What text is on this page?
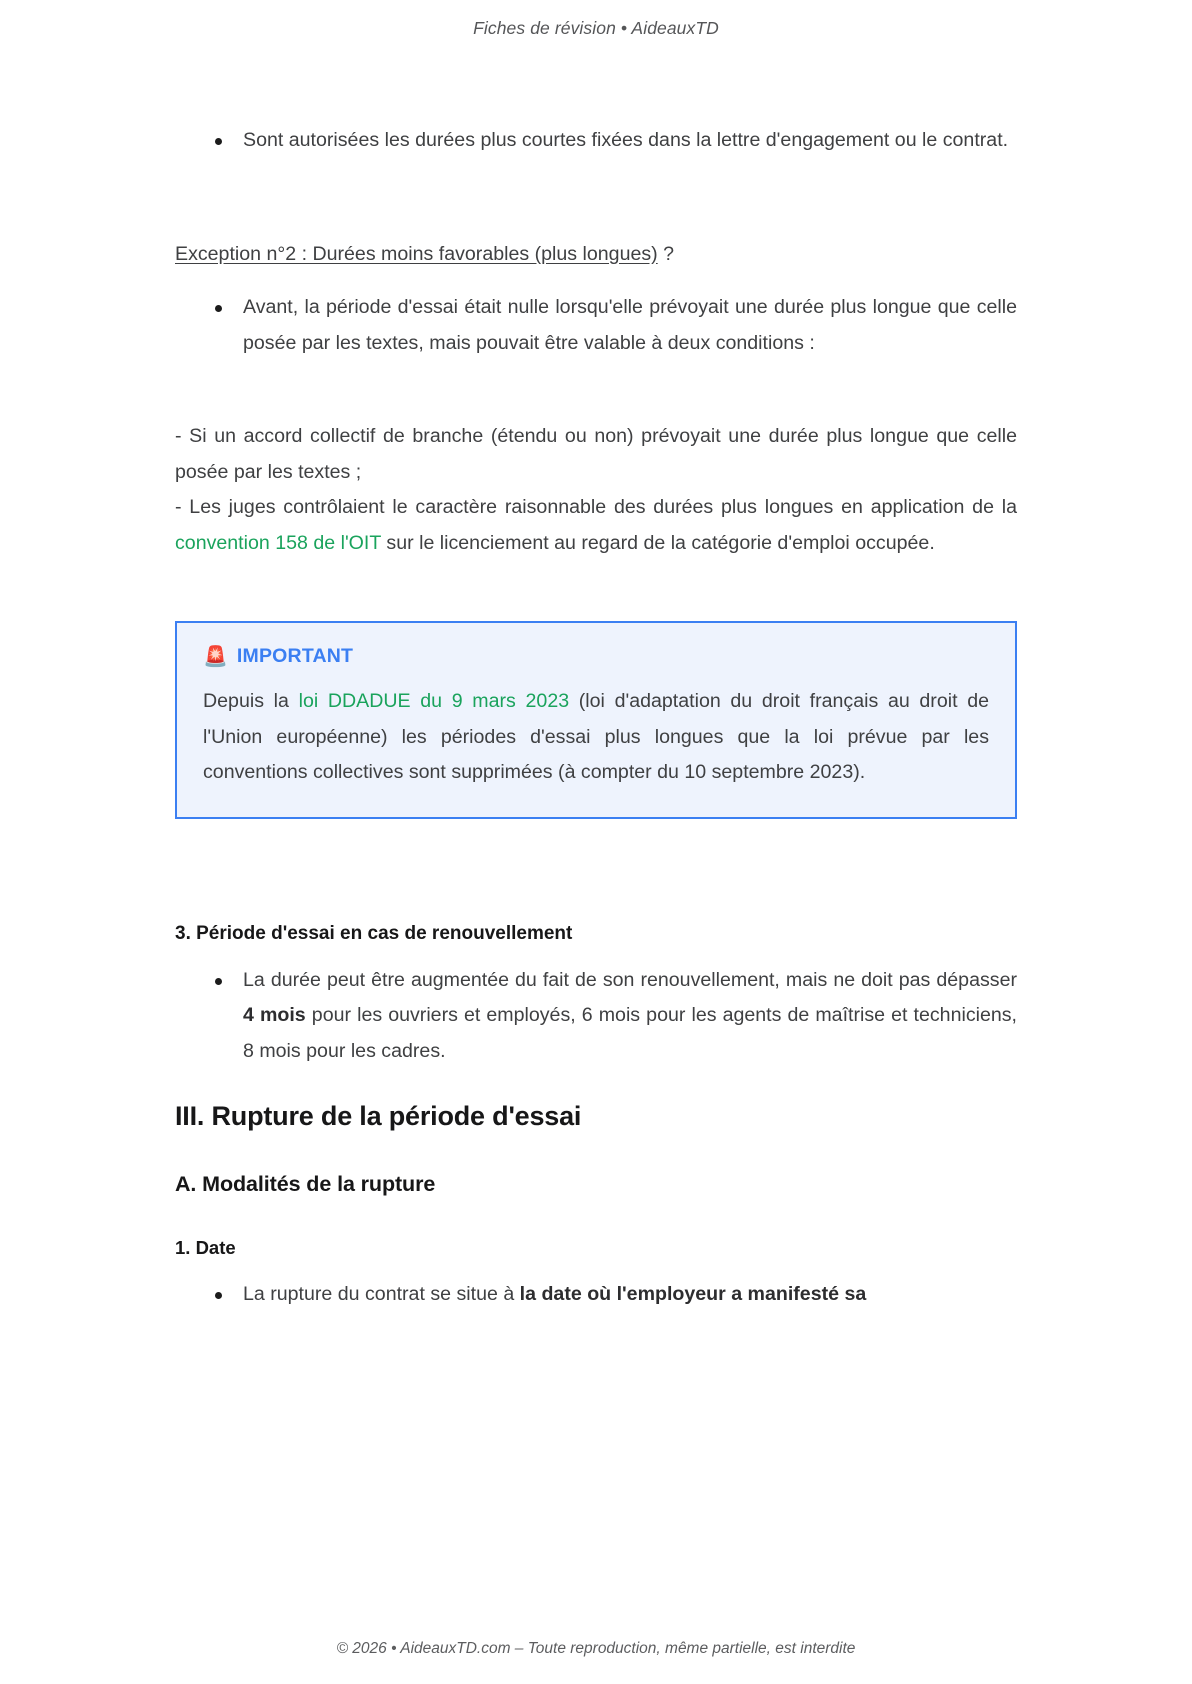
Fiches de révision • AideauxTD
Sont autorisées les durées plus courtes fixées dans la lettre d'engagement ou le contrat.

Exception n°2 : Durées moins favorables (plus longues) ?

Avant, la période d'essai était nulle lorsqu'elle prévoyait une durée plus longue que celle posée par les textes, mais pouvait être valable à deux conditions :

- Si un accord collectif de branche (étendu ou non) prévoyait une durée plus longue que celle posée par les textes ;

- Les juges contrôlaient le caractère raisonnable des durées plus longues en application de la convention 158 de l'OIT sur le licenciement au regard de la catégorie d'emploi occupée.

🚨 IMPORTANT

Depuis la loi DDADUE du 9 mars 2023 (loi d'adaptation du droit français au droit de l'Union européenne) les périodes d'essai plus longues que la loi prévue par les conventions collectives sont supprimées (à compter du 10 septembre 2023).

3. Période d'essai en cas de renouvellement
La durée peut être augmentée du fait de son renouvellement, mais ne doit pas dépasser 4 mois pour les ouvriers et employés, 6 mois pour les agents de maîtrise et techniciens, 8 mois pour les cadres.
III. Rupture de la période d'essai
A. Modalités de la rupture
1. Date
La rupture du contrat se situe à la date où l'employeur a manifesté sa
© 2026 • AideauxTD.com – Toute reproduction, même partielle, est interdite
